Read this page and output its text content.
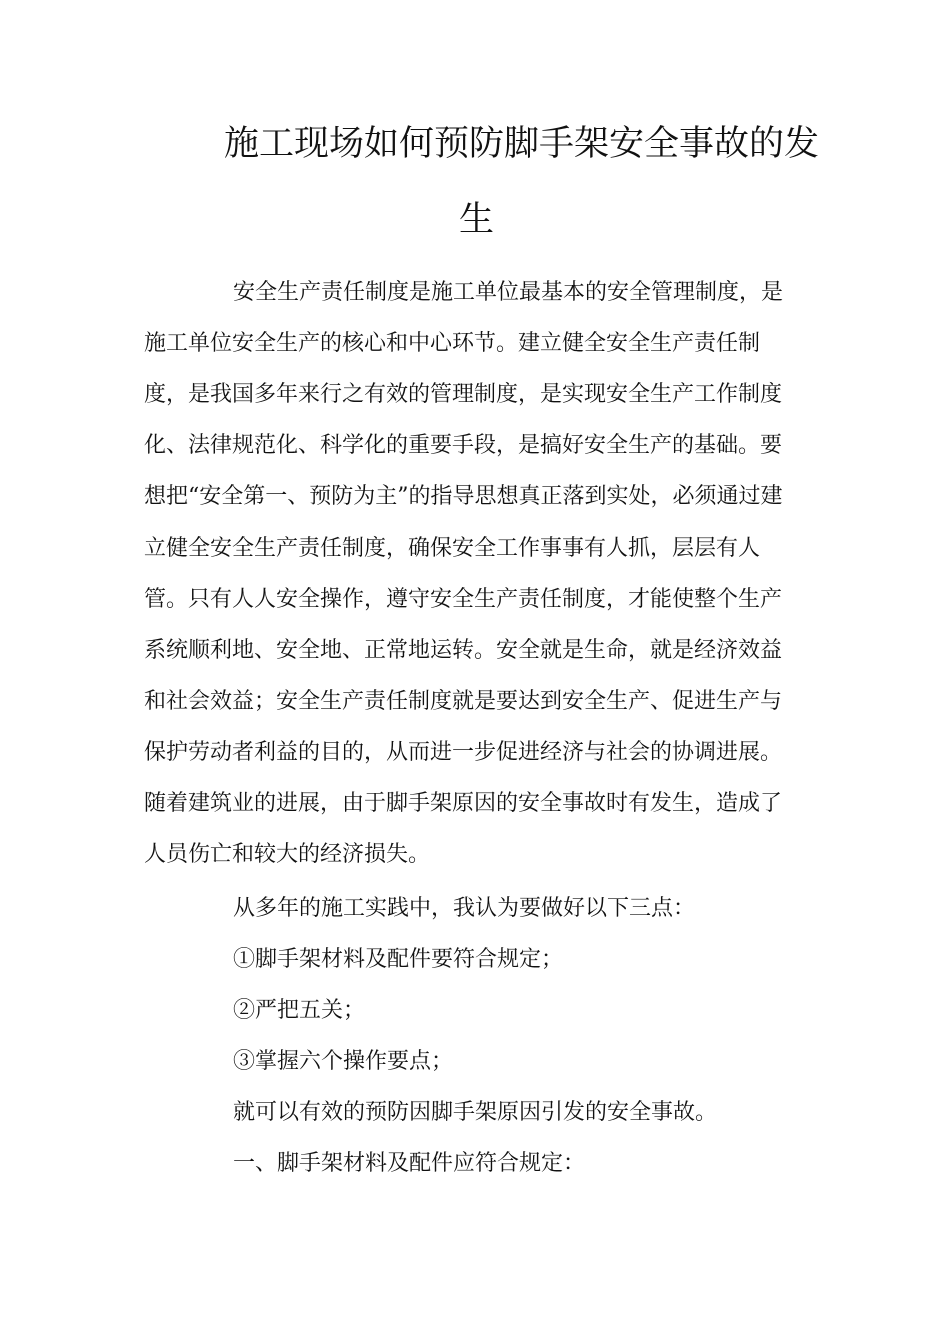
施工现场如何预防脚手架安全事故的发
生
安全生产责任制度是施工单位最基本的安全管理制度，是
施工单位安全生产的核心和中心环节。建立健全安全生产责任制
度，是我国多年来行之有效的管理制度，是实现安全生产工作制度
化、法律规范化、科学化的重要手段，是搞好安全生产的基础。要
想把“安全第一、预防为主”的指导思想真正落到实处，必须通过建
立健全安全生产责任制度，确保安全工作事事有人抓，层层有人
管。只有人人安全操作，遵守安全生产责任制度，才能使整个生产
系统顺利地、安全地、正常地运转。安全就是生命，就是经济效益
和社会效益；安全生产责任制度就是要达到安全生产、促进生产与
保护劳动者利益的目的，从而进一步促进经济与社会的协调进展。
随着建筑业的进展，由于脚手架原因的安全事故时有发生，造成了
人员伤亡和较大的经济损失。
从多年的施工实践中，我认为要做好以下三点：
①脚手架材料及配件要符合规定；
②严把五关；
③掌握六个操作要点；
就可以有效的预防因脚手架原因引发的安全事故。
一、脚手架材料及配件应符合规定：
